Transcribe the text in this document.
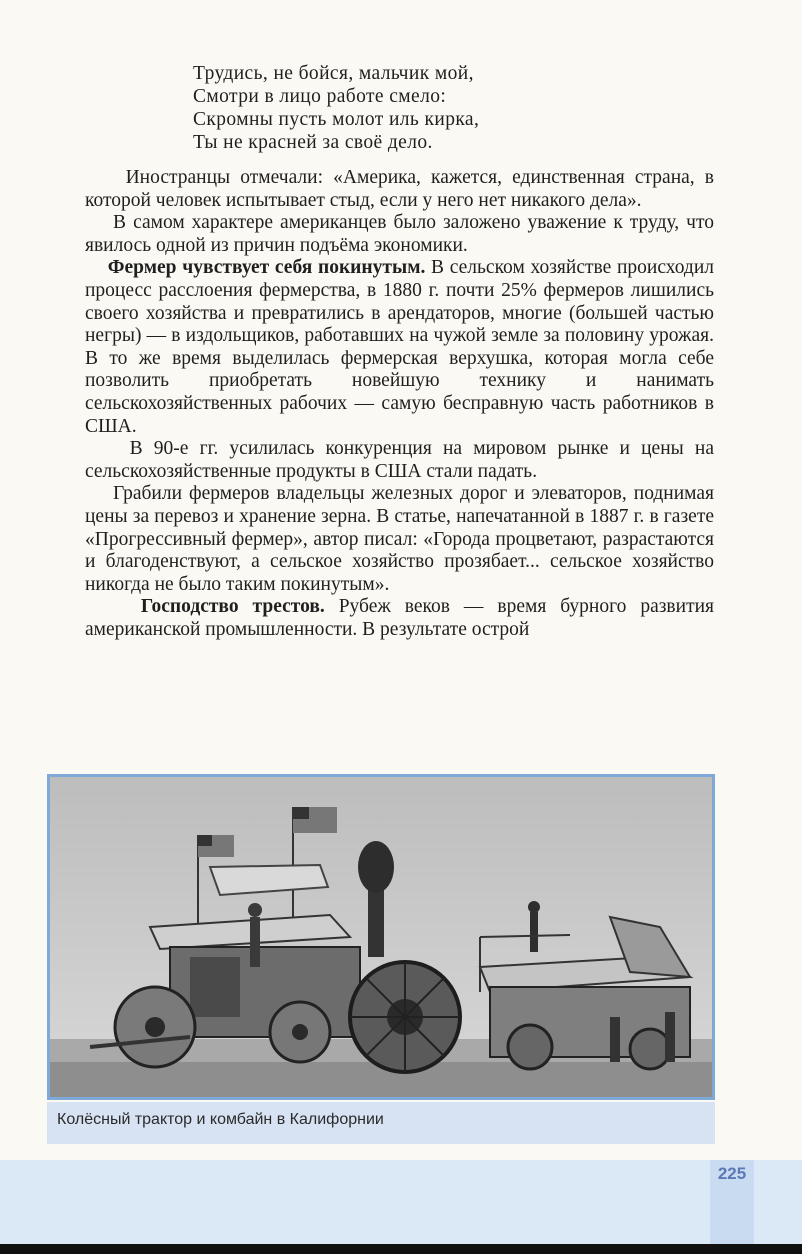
Трудись, не бойся, мальчик мой,
Смотри в лицо работе смело:
Скромны пусть молот иль кирка,
Ты не красней за своё дело.

Иностранцы отмечали: «Америка, кажется, единственная страна, в которой человек испытывает стыд, если у него нет никакого дела».

В самом характере американцев было заложено уважение к труду, что явилось одной из причин подъёма экономики.

Фермер чувствует себя покинутым. В сельском хозяйстве происходил процесс расслоения фермерства, в 1880 г. почти 25% фермеров лишились своего хозяйства и превратились в арендаторов, многие (большей частью негры) — в издольщиков, работавших на чужой земле за половину урожая. В то же время выделилась фермерская верхушка, которая могла себе позволить приобретать новейшую технику и нанимать сельскохозяйственных рабочих — самую бесправную часть работников в США.

В 90-е гг. усилилась конкуренция на мировом рынке и цены на сельскохозяйственные продукты в США стали падать.

Грабили фермеров владельцы железных дорог и элеваторов, поднимая цены за перевоз и хранение зерна. В статье, напечатанной в 1887 г. в газете «Прогрессивный фермер», автор писал: «Города процветают, разрастаются и благоденствуют, а сельское хозяйство прозябает... сельское хозяйство никогда не было таким покинутым».

Господство трестов. Рубеж веков — время бурного развития американской промышленности. В результате острой

Колёсный трактор и комбайн в Калифорнии
225
